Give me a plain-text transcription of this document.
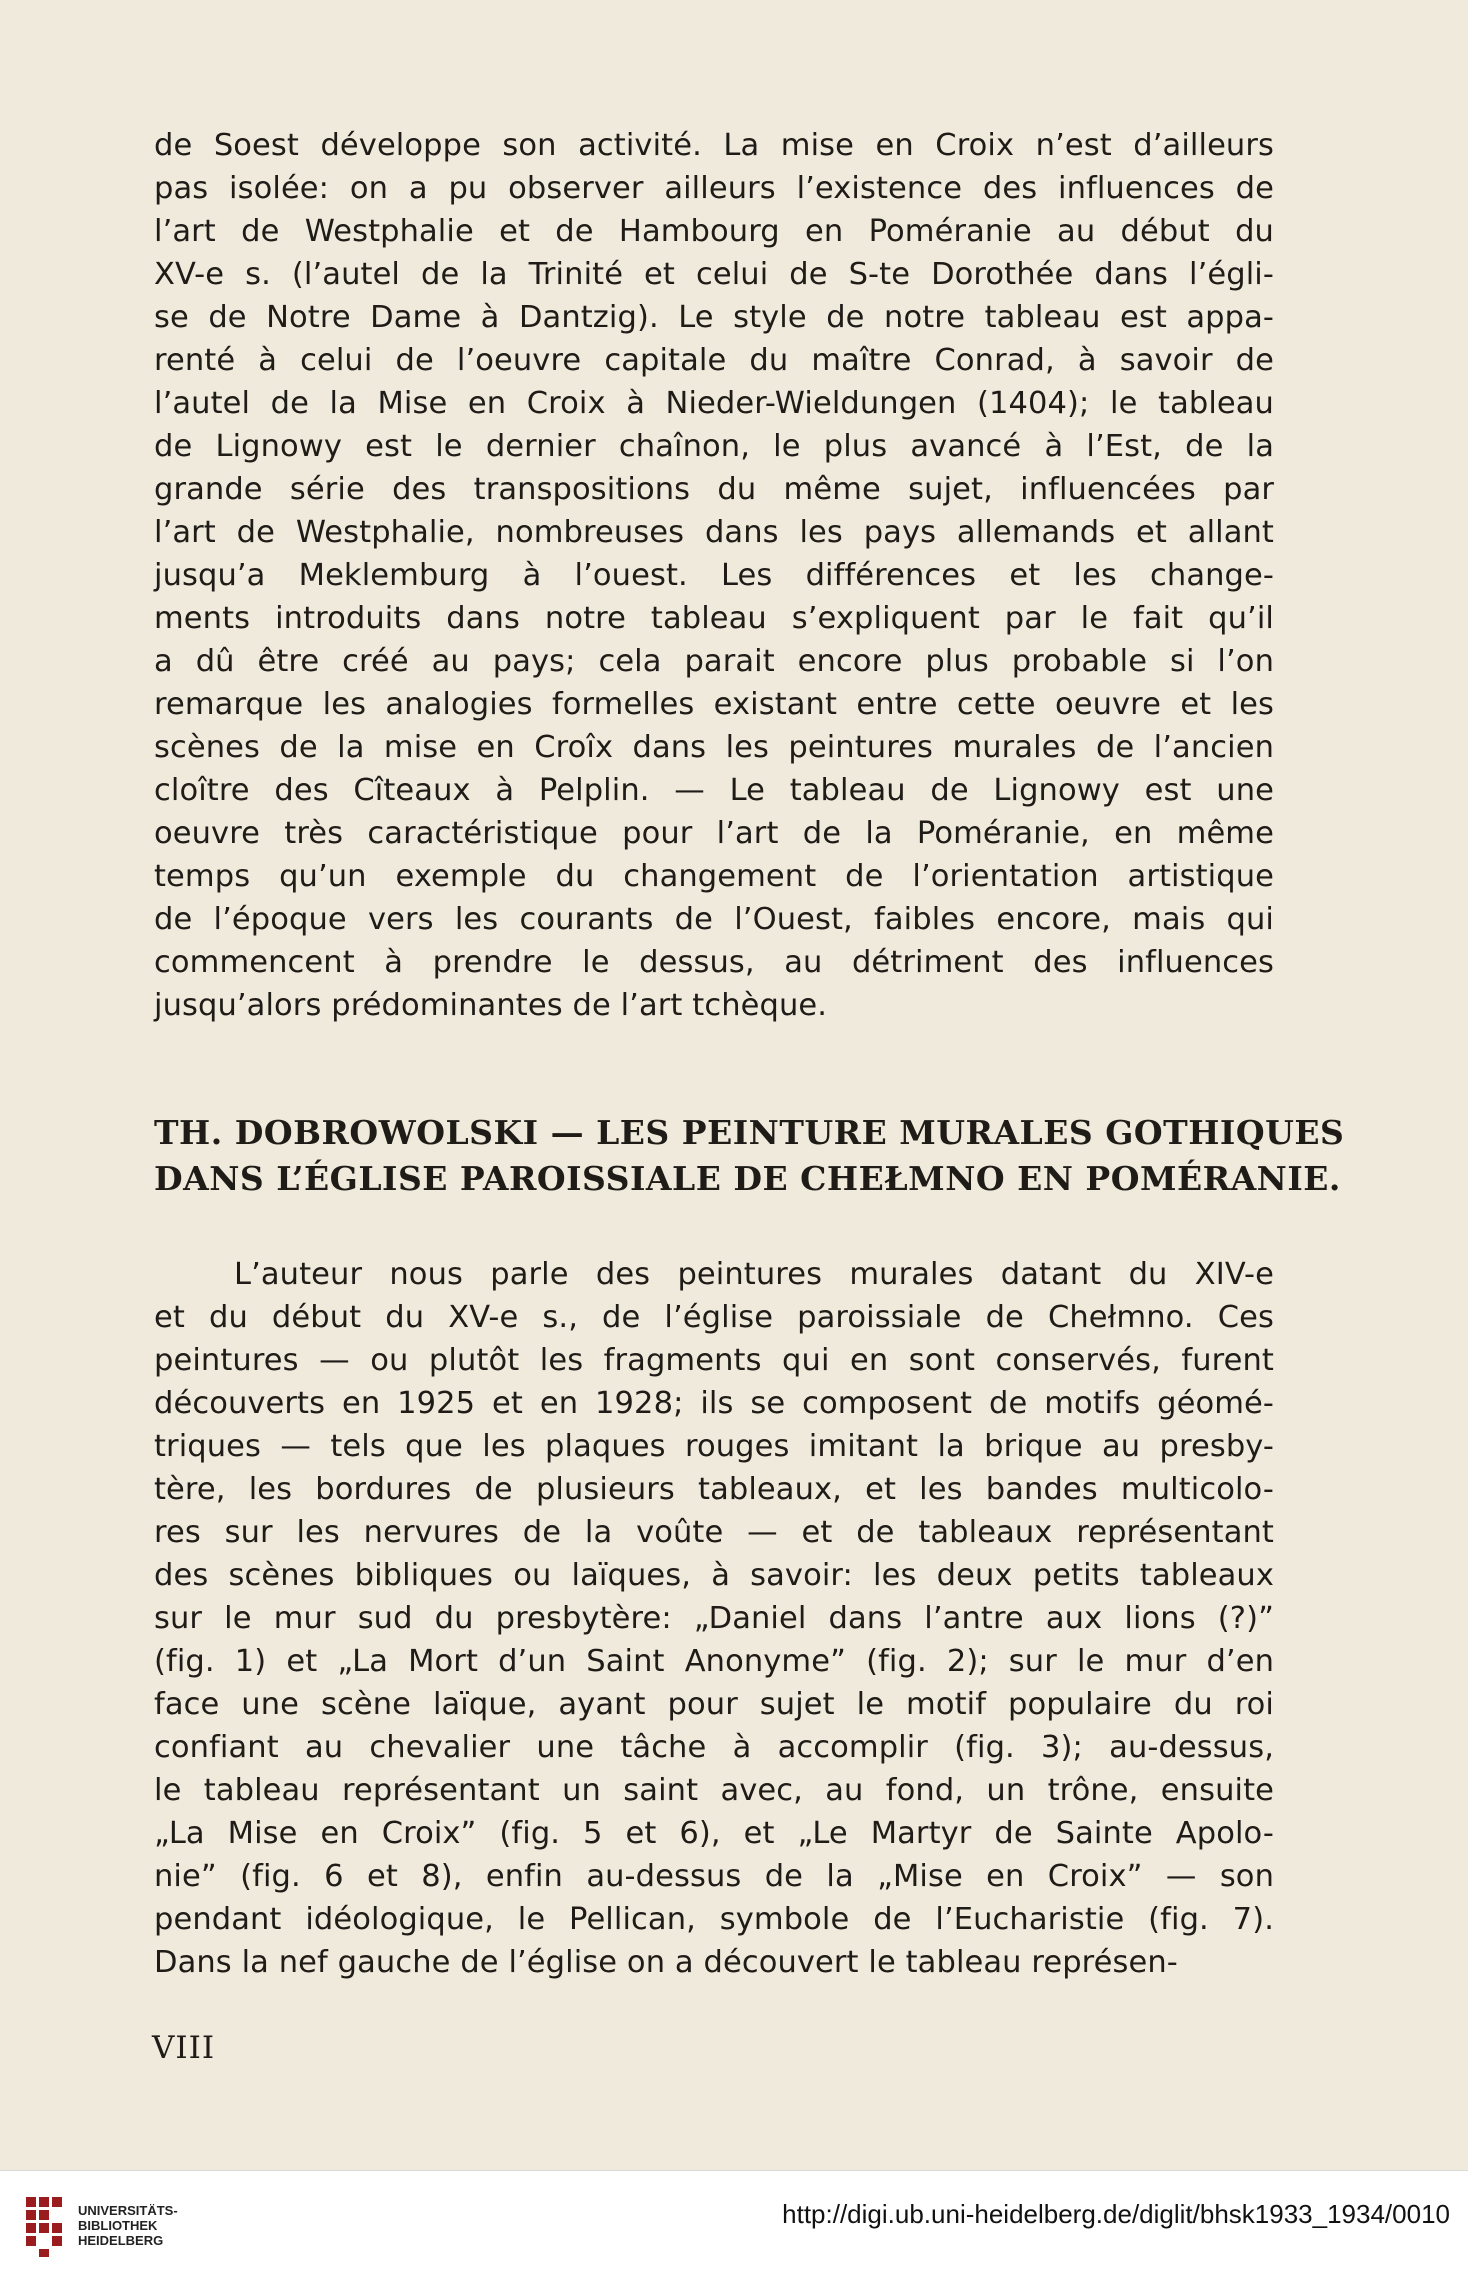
de Soest développe son activité. La mise en Croix n’est d’ailleurs
pas isolée: on a pu observer ailleurs l’existence des influences de
l’art de Westphalie et de Hambourg en Poméranie au début du
XV-e s. (l’autel de la Trinité et celui de S-te Dorothée dans l’égli-
se de Notre Dame à Dantzig). Le style de notre tableau est appa-
renté à celui de l’oeuvre capitale du maître Conrad, à savoir de
l’autel de la Mise en Croix à Nieder-Wieldungen (1404); le tableau
de Lignowy est le dernier chaînon, le plus avancé à l’Est, de la
grande série des transpositions du même sujet, influencées par
l’art de Westphalie, nombreuses dans les pays allemands et allant
jusqu’a Meklemburg à l’ouest. Les différences et les change-
ments introduits dans notre tableau s’expliquent par le fait qu’il
a dû être créé au pays; cela parait encore plus probable si l’on
remarque les analogies formelles existant entre cette oeuvre et les
scènes de la mise en Croîx dans les peintures murales de l’ancien
cloître des Cîteaux à Pelplin. — Le tableau de Lignowy est une
oeuvre très caractéristique pour l’art de la Poméranie, en même
temps qu’un exemple du changement de l’orientation artistique
de l’époque vers les courants de l’Ouest, faibles encore, mais qui
commencent à prendre le dessus, au détriment des influences
jusqu’alors prédominantes de l’art tchèque.
TH. DOBROWOLSKI — LES PEINTURE MURALES GOTHIQUES
DANS L’ÉGLISE PAROISSIALE DE CHEŁMNO EN POMÉRANIE.
L’auteur nous parle des peintures murales datant du XIV-e
et du début du XV-e s., de l’église paroissiale de Chełmno. Ces
peintures — ou plutôt les fragments qui en sont conservés, furent
découverts en 1925 et en 1928; ils se composent de motifs géomé-
triques — tels que les plaques rouges imitant la brique au presby-
tère, les bordures de plusieurs tableaux, et les bandes multicolo-
res sur les nervures de la voûte — et de tableaux représentant
des scènes bibliques ou laïques, à savoir: les deux petits tableaux
sur le mur sud du presbytère: „Daniel dans l’antre aux lions (?)”
(fig. 1) et „La Mort d’un Saint Anonyme” (fig. 2); sur le mur d’en
face une scène laïque, ayant pour sujet le motif populaire du roi
confiant au chevalier une tâche à accomplir (fig. 3); au-dessus,
le tableau représentant un saint avec, au fond, un trône, ensuite
„La Mise en Croix” (fig. 5 et 6), et „Le Martyr de Sainte Apolo-
nie” (fig. 6 et 8), enfin au-dessus de la „Mise en Croix” — son
pendant idéologique, le Pellican, symbole de l’Eucharistie (fig. 7).
Dans la nef gauche de l’église on a découvert le tableau représen-
VIII
UNIVERSITÄTS-
BIBLIOTHEK
HEIDELBERG
http://digi.ub.uni-heidelberg.de/diglit/bhsk1933_1934/0010
